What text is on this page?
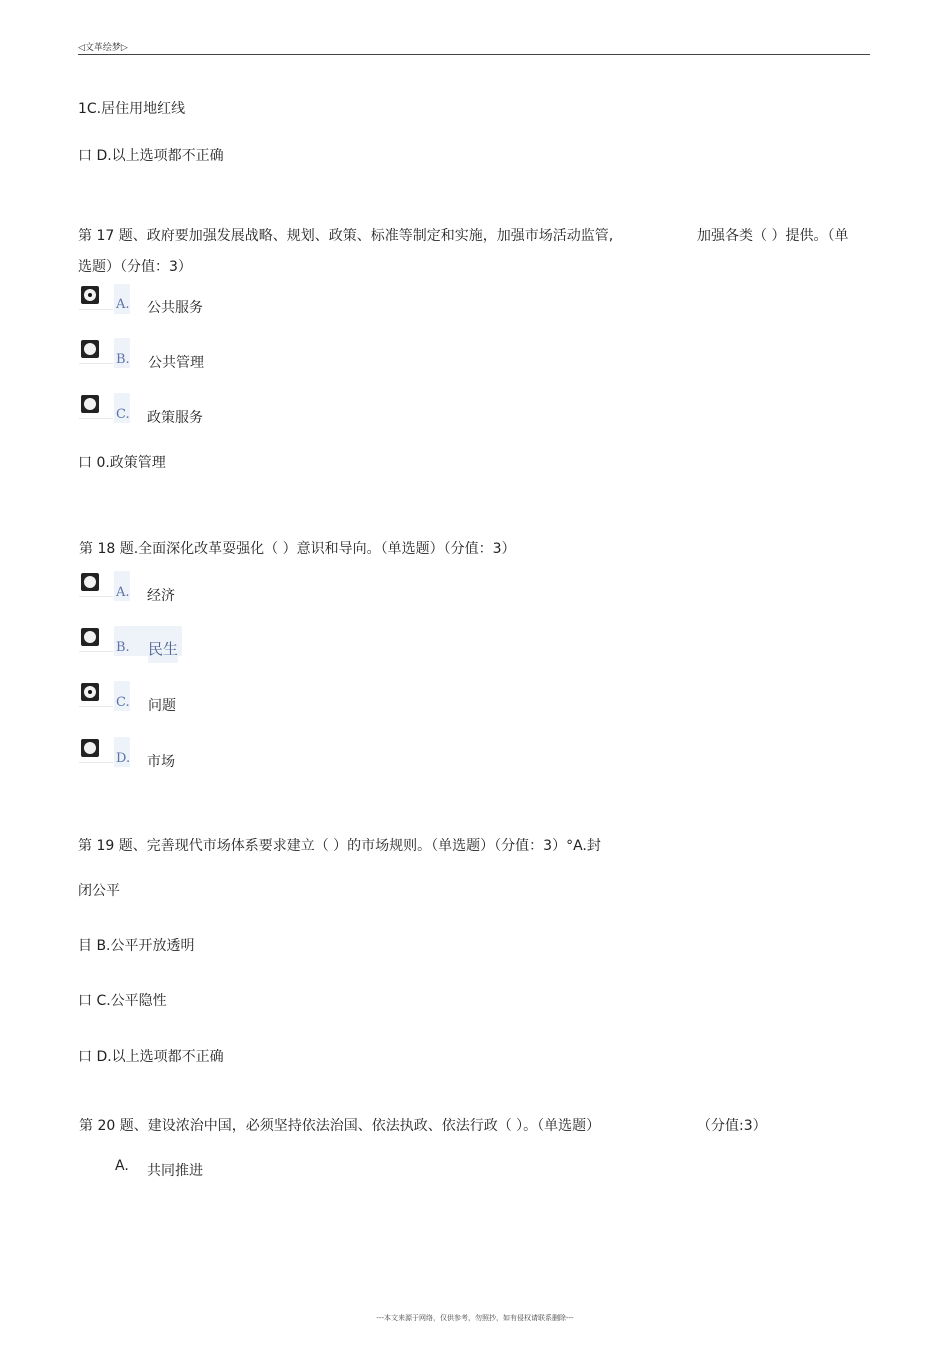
◁文革绘梦▷
1C.居住用地红线
口 D.以上选项都不正确
第 17 题、政府要加强发展战略、规划、政策、标准等制定和实施，加强市场活动监管,	加强各类（ ）提供。（单
选题）（分值：3）
A. 公共服务
B. 公共管理
C. 政策服务
口 0.政策管理
第 18 题.全面深化改革耍强化（ ）意识和导向。（单选题）（分值：3）
A. 经济
B. 民生
C. 问题
D. 市场
第 19 题、完善现代市场体系要求建立（ ）的市场规则。（单选题）（分值：3）°A.封
闭公平
目 B.公平开放透明
口 C.公平隐性
口 D.以上选项都不正确
第 20 题、建设浓治中国，必须坚持依法治国、依法执政、依法行政（ ）。（单选题）	（分值:3）
A. 共同推进
---本文来源于网络，仅供参考，勿照抄，如有侵权请联系删除---
